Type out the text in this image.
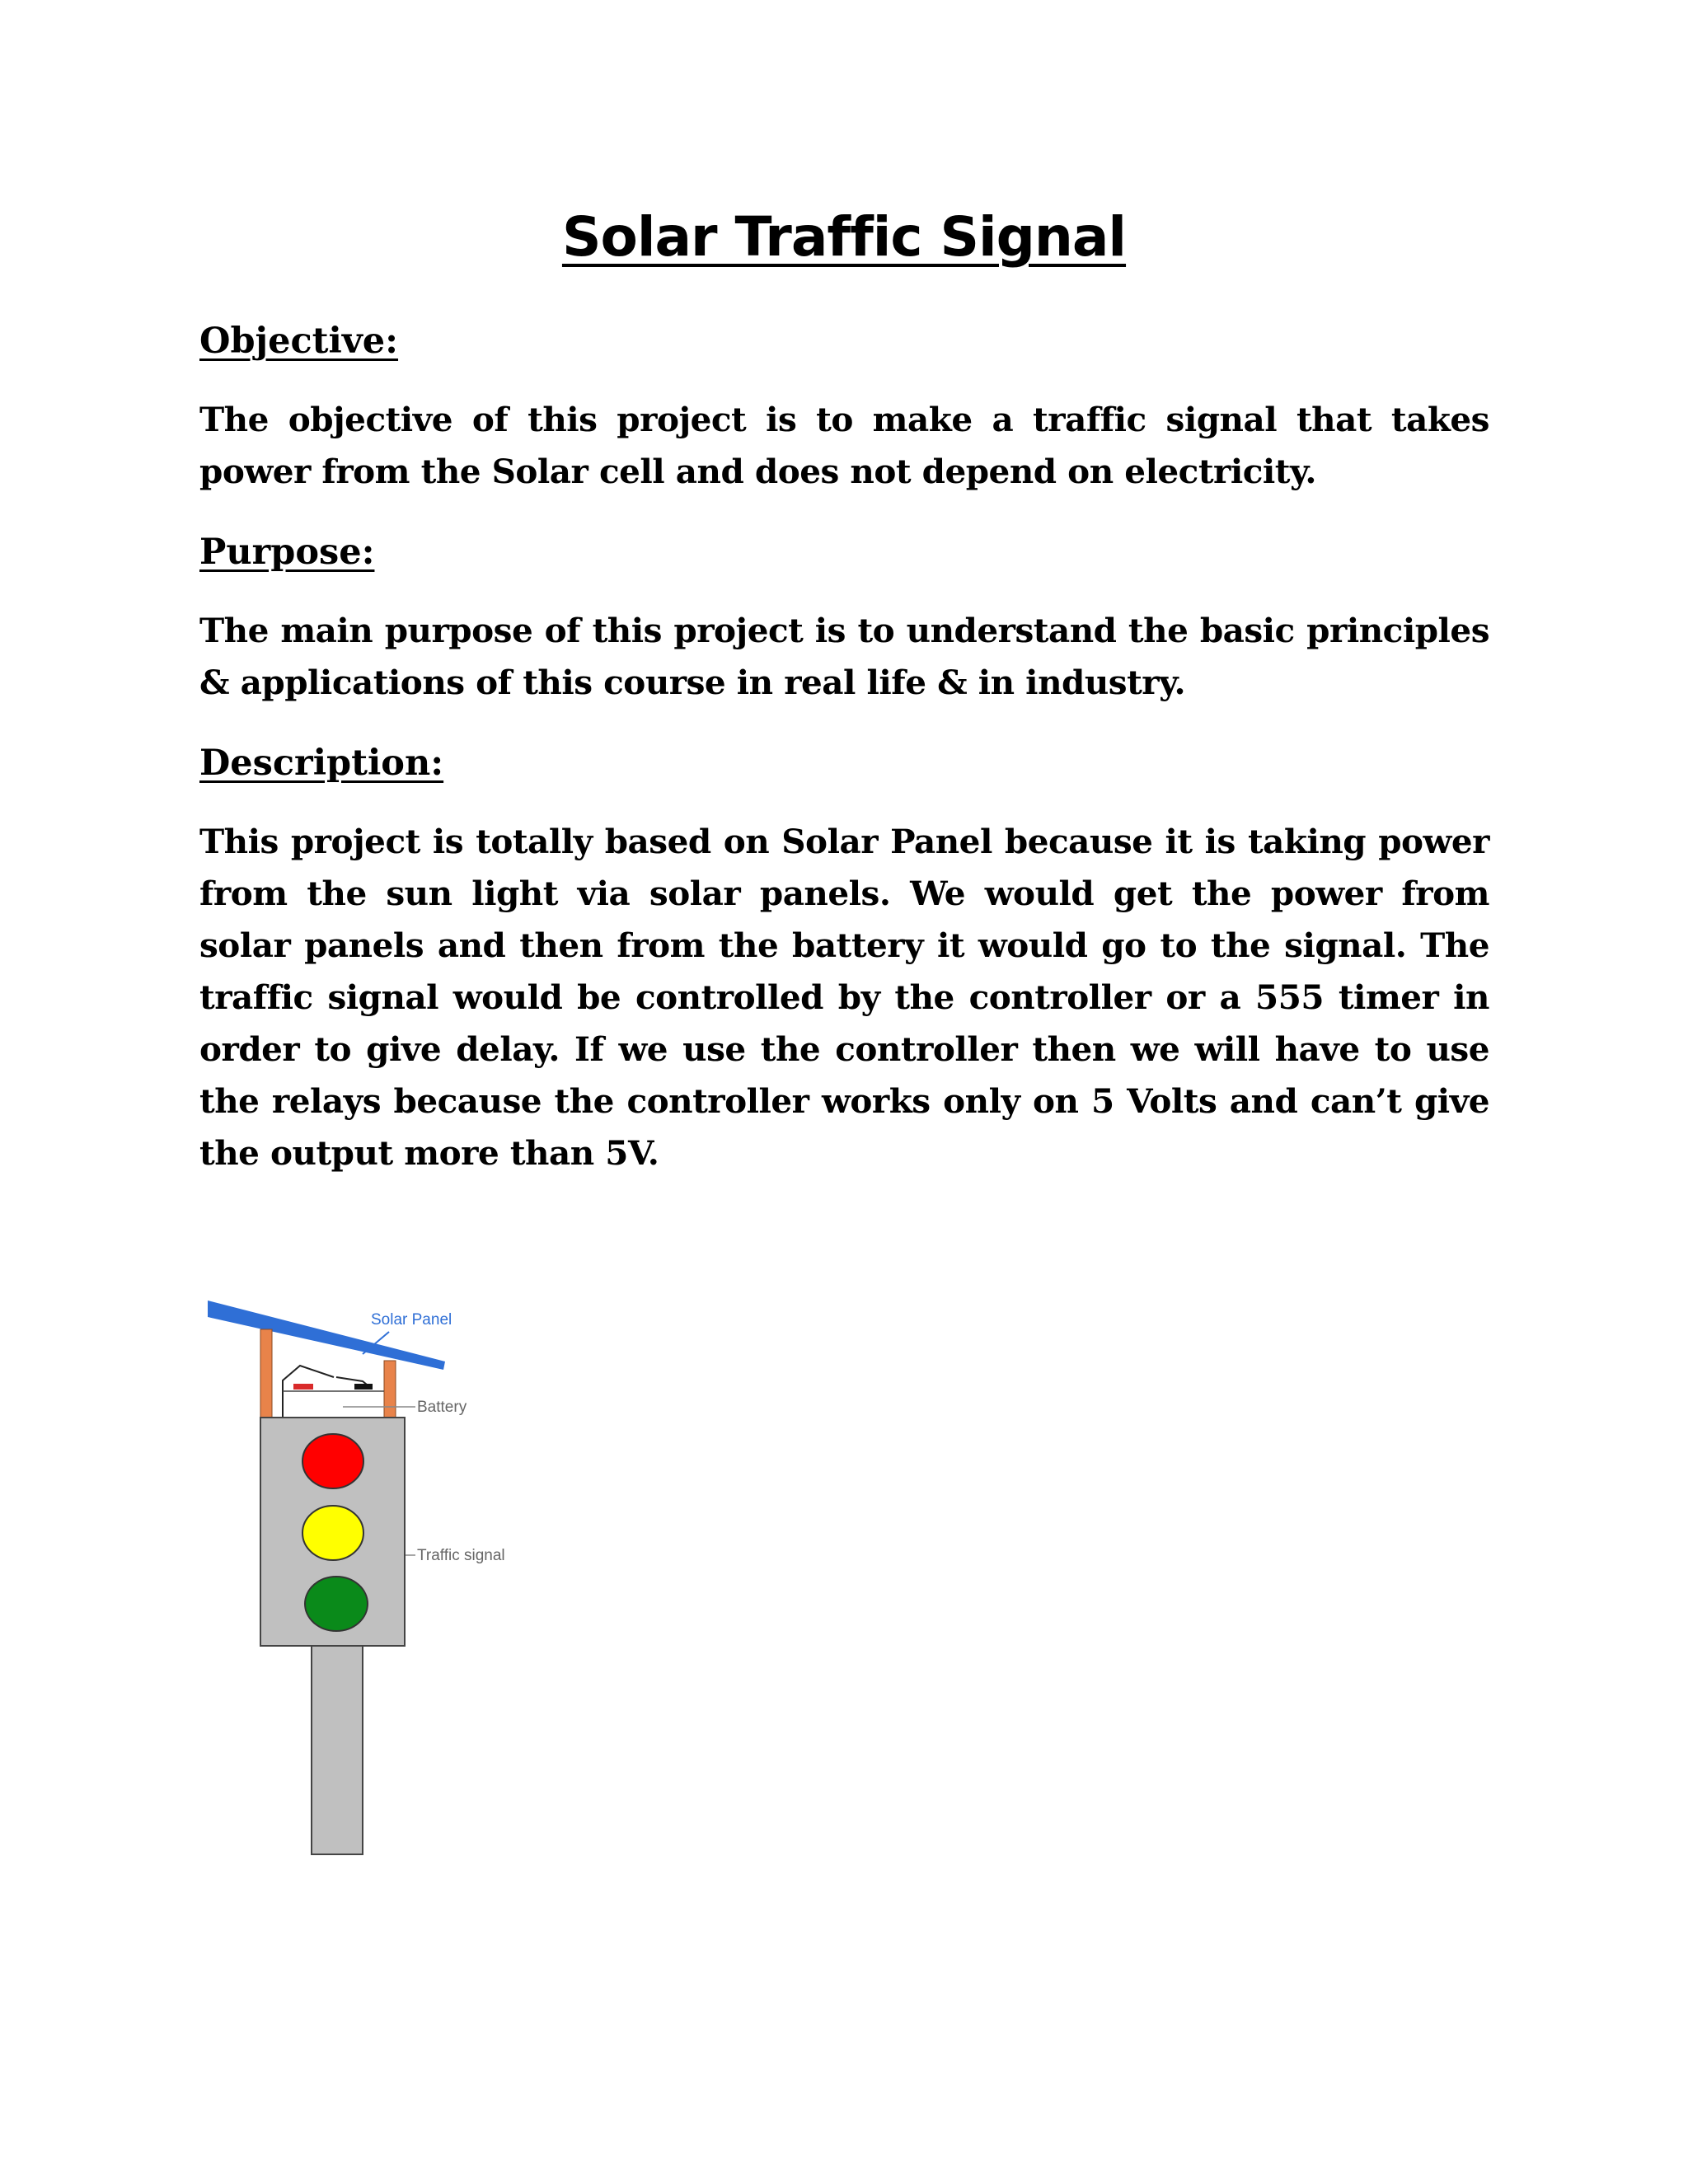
Solar Traffic Signal
Objective:

The objective of this project is to make a traffic signal that takes power from the Solar cell and does not depend on electricity.

Purpose:

The main purpose of this project is to understand the basic principles & applications of this course in real life & in industry.

Description:

This project is totally based on Solar Panel because it is taking power from the sun light via solar panels. We would get the power from solar panels and then from the battery it would go to the signal. The traffic signal would be controlled by the controller or a 555 timer in order to give delay. If we use the controller then we will have to use the relays because the controller works only on 5 Volts and can’t give the output more than 5V.

Solar Panel
Battery
Traffic signal
